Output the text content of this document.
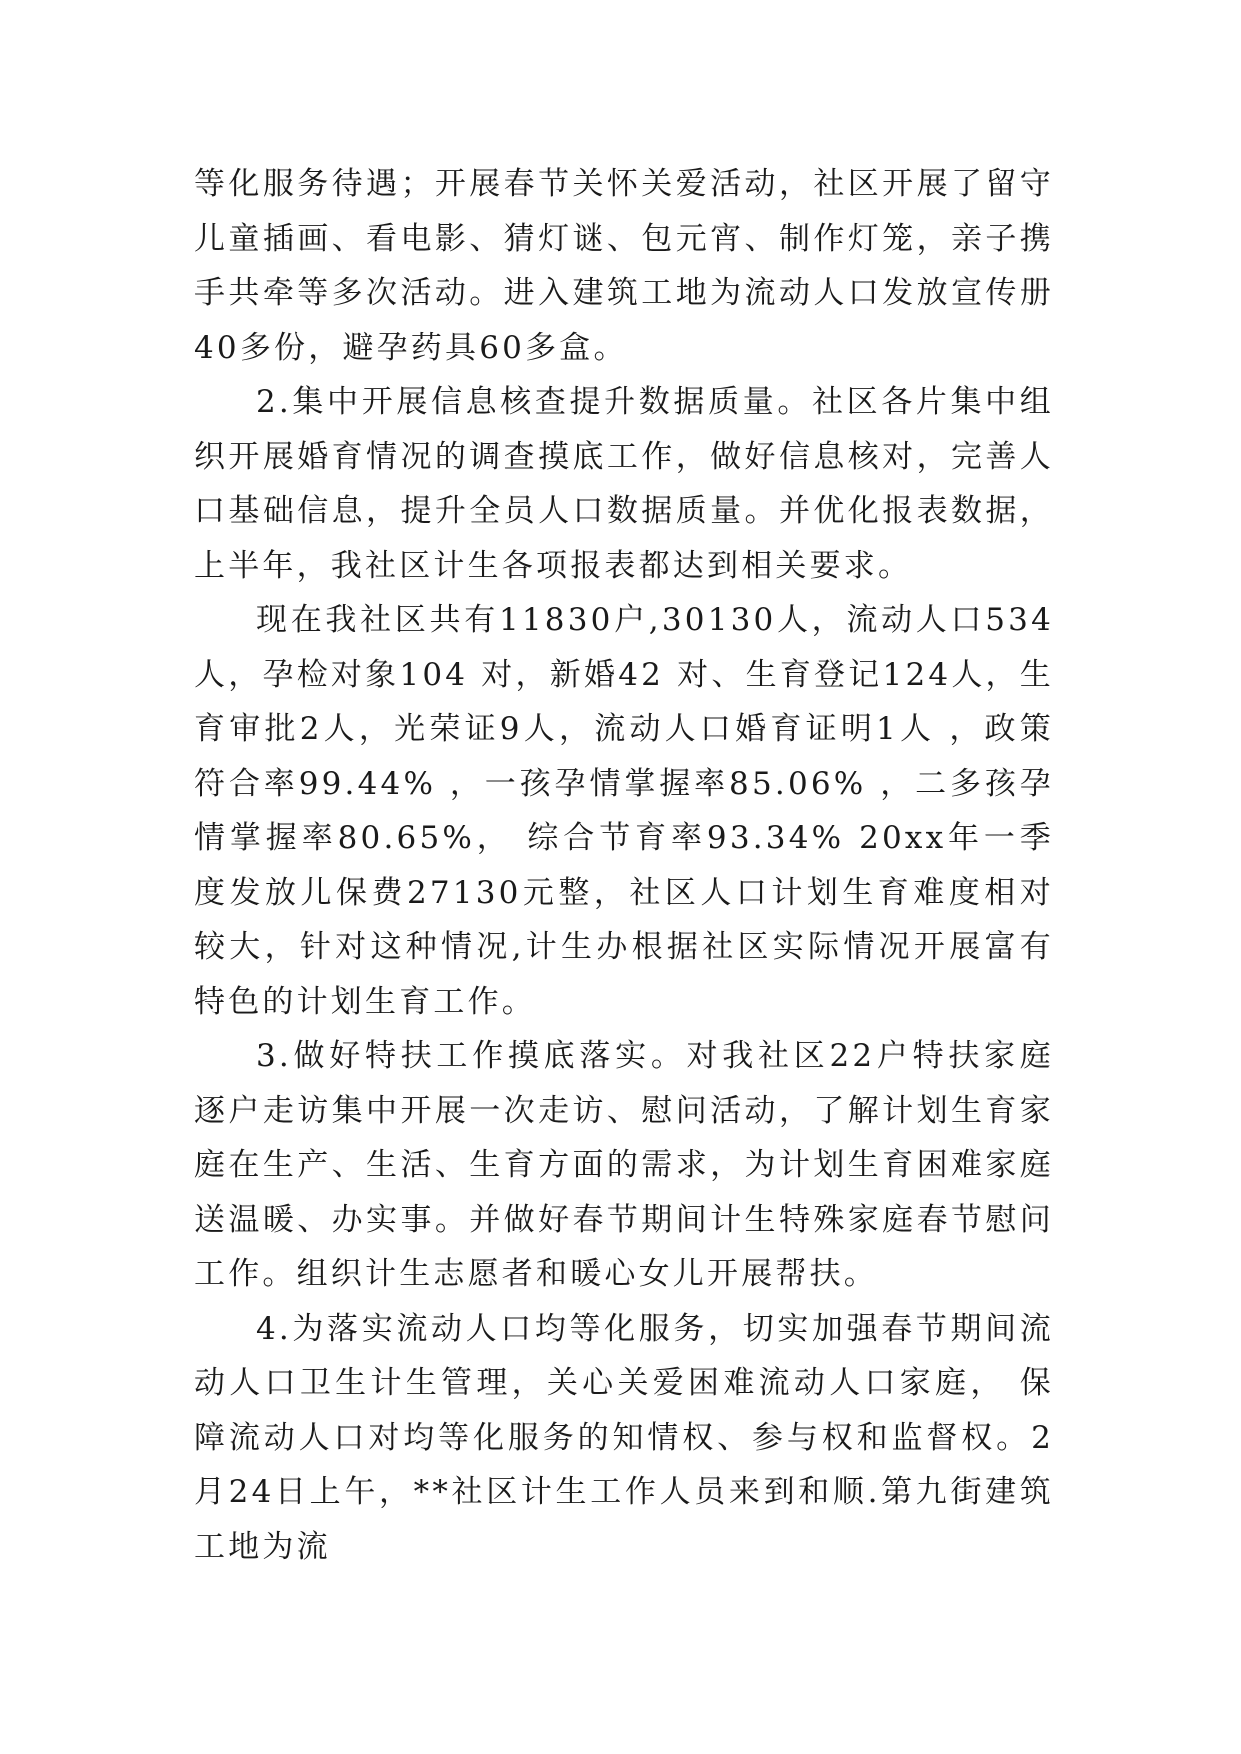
等化服务待遇；开展春节关怀关爱活动，社区开展了留守儿童插画、看电影、猜灯谜、包元宵、制作灯笼，亲子携手共牵等多次活动。进入建筑工地为流动人口发放宣传册40多份，避孕药具60多盒。

2.集中开展信息核查提升数据质量。社区各片集中组织开展婚育情况的调查摸底工作，做好信息核对，完善人口基础信息，提升全员人口数据质量。并优化报表数据，上半年，我社区计生各项报表都达到相关要求。

现在我社区共有11830户,30130人，流动人口534 人，孕检对象104 对，新婚42 对、生育登记124人，生育审批2人，光荣证9人，流动人口婚育证明1人 ，政策符合率99.44% ，一孩孕情掌握率85.06% ，二多孩孕情掌握率80.65%， 综合节育率93.34% 20xx年一季度发放儿保费27130元整，社区人口计划生育难度相对较大，针对这种情况,计生办根据社区实际情况开展富有特色的计划生育工作。

3.做好特扶工作摸底落实。对我社区22户特扶家庭逐户走访集中开展一次走访、慰问活动，了解计划生育家庭在生产、生活、生育方面的需求，为计划生育困难家庭送温暖、办实事。并做好春节期间计生特殊家庭春节慰问工作。组织计生志愿者和暖心女儿开展帮扶。

4.为落实流动人口均等化服务，切实加强春节期间流动人口卫生计生管理，关心关爱困难流动人口家庭， 保障流动人口对均等化服务的知情权、参与权和监督权。2月24日上午，**社区计生工作人员来到和顺.第九街建筑工地为流
